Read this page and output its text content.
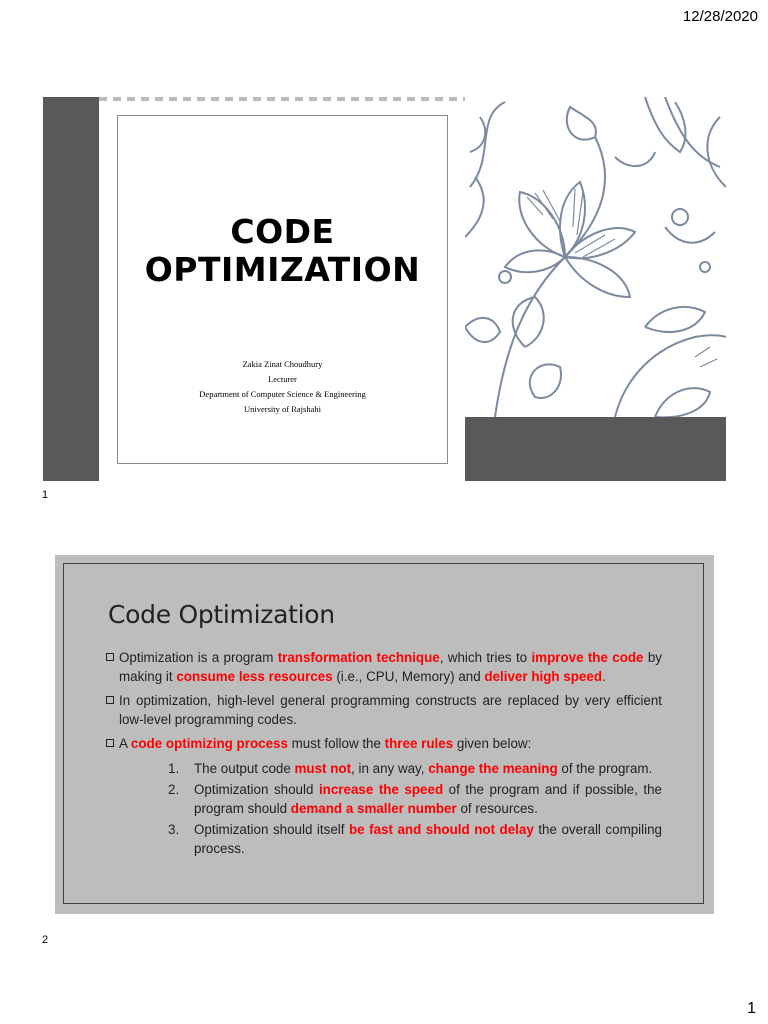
12/28/2020
CODE
OPTIMIZATION
Zakia Zinat Choudhury
Lecturer
Department of Computer Science & Engineering
University of Rajshahi
1
Code Optimization

Optimization is a program transformation technique, which tries to improve the code by making it consume less resources (i.e., CPU, Memory) and deliver high speed.

In optimization, high-level general programming constructs are replaced by very efficient low-level programming codes.

A code optimizing process must follow the three rules given below:

1. The output code must not, in any way, change the meaning of the program.
2. Optimization should increase the speed of the program and if possible, the program should demand a smaller number of resources.
3. Optimization should itself be fast and should not delay the overall compiling process.
2
1
